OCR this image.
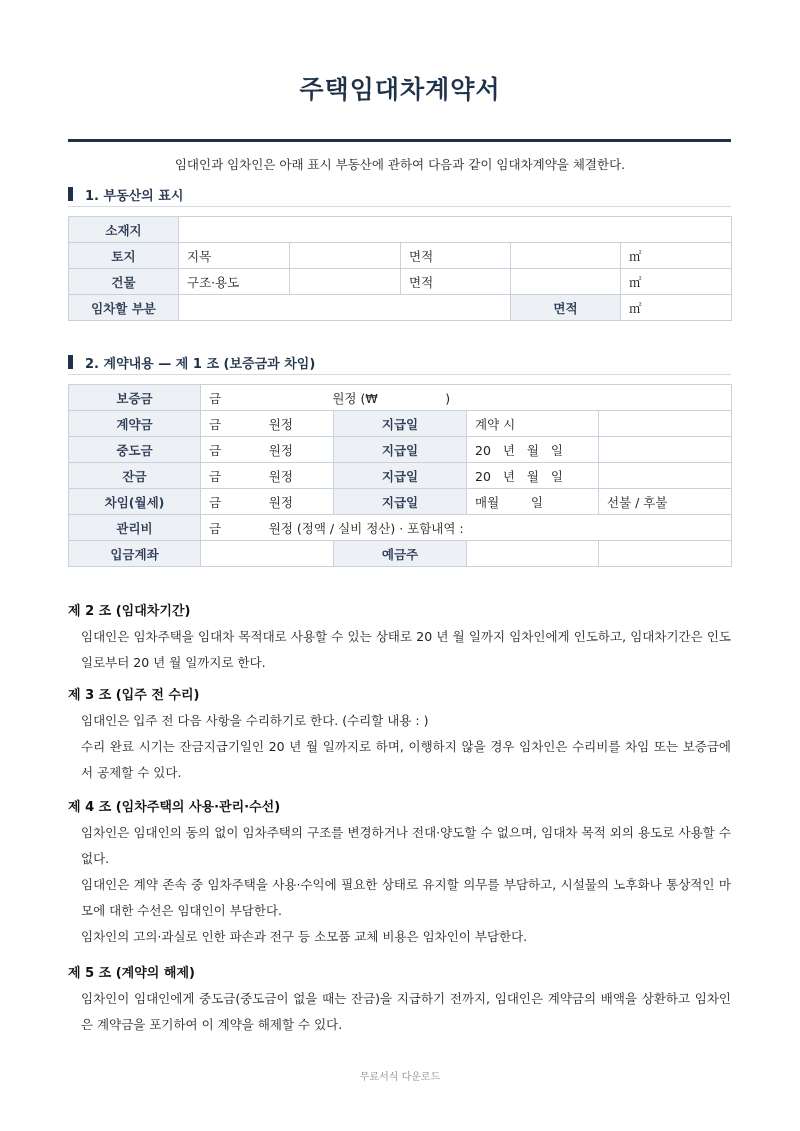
주택임대차계약서
임대인과 임차인은 아래 표시 부동산에 관하여 다음과 같이 임대차계약을 체결한다.
1. 부동산의 표시
소재지					
토지	지목		면적		㎡
건물	구조·용도		면적		㎡
임차할 부분				면적	㎡
2. 계약내용 — 제 1 조 (보증금과 차임)
보증금	금                            원정 (₩                 )			
계약금	금            원정	지급일	계약 시	
중도금	금            원정	지급일	20   년   월   일	
잔금	금            원정	지급일	20   년   월   일	
차임(월세)	금            원정	지급일	매월        일	선불 / 후불
관리비	금            원정 (정액 / 실비 정산) · 포함내역 :			
입금계좌		예금주		
제 2 조 (임대차기간)

임대인은 임차주택을 임대차 목적대로 사용할 수 있는 상태로 20 년 월 일까지 임차인에게 인도하고, 임대차기간은 인도일로부터 20 년 월 일까지로 한다.

제 3 조 (입주 전 수리)

임대인은 입주 전 다음 사항을 수리하기로 한다. (수리할 내용 : )

수리 완료 시기는 잔금지급기일인 20 년 월 일까지로 하며, 이행하지 않을 경우 임차인은 수리비를 차임 또는 보증금에서 공제할 수 있다.

제 4 조 (임차주택의 사용·관리·수선)

임차인은 임대인의 동의 없이 임차주택의 구조를 변경하거나 전대·양도할 수 없으며, 임대차 목적 외의 용도로 사용할 수 없다.

임대인은 계약 존속 중 임차주택을 사용·수익에 필요한 상태로 유지할 의무를 부담하고, 시설물의 노후화나 통상적인 마모에 대한 수선은 임대인이 부담한다.

임차인의 고의·과실로 인한 파손과 전구 등 소모품 교체 비용은 임차인이 부담한다.

제 5 조 (계약의 해제)

임차인이 임대인에게 중도금(중도금이 없을 때는 잔금)을 지급하기 전까지, 임대인은 계약금의 배액을 상환하고 임차인은 계약금을 포기하여 이 계약을 해제할 수 있다.

무료서식 다운로드
